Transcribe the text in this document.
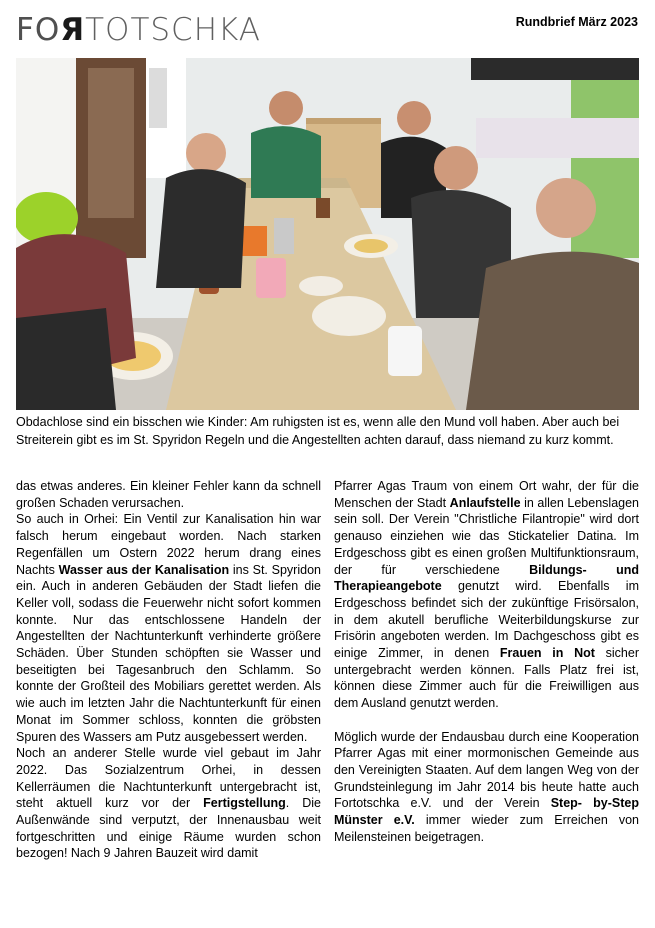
FOЯTOTSCHKA	Rundbrief März 2023
Obdachlose sind ein bisschen wie Kinder: Am ruhigsten ist es, wenn alle den Mund voll haben. Aber auch bei Streiterein gibt es im St. Spyridon Regeln und die Angestellten achten darauf, dass niemand zu kurz kommt.

das etwas anderes. Ein kleiner Fehler kann da schnell großen Schaden verursachen.

So auch in Orhei: Ein Ventil zur Kanalisation hin war falsch herum eingebaut worden. Nach starken Regenfällen um Ostern 2022 herum drang eines Nachts Wasser aus der Kanalisation ins St. Spyridon ein. Auch in anderen Gebäuden der Stadt liefen die Keller voll, sodass die Feuerwehr nicht sofort kommen konnte. Nur das entschlossene Handeln der Angestellten der Nachtunterkunft verhinderte größere Schäden. Über Stunden schöpften sie Wasser und beseitigten bei Tagesanbruch den Schlamm. So konnte der Großteil des Mobiliars gerettet werden. Als wie auch im letzten Jahr die Nachtunterkunft für einen Monat im Sommer schloss, konnten die gröbsten Spuren des Wassers am Putz ausgebessert werden.

Noch an anderer Stelle wurde viel gebaut im Jahr 2022. Das Sozialzentrum Orhei, in dessen Kellerräumen die Nachtunterkunft untergebracht ist, steht aktuell kurz vor der Fertigstellung. Die Außenwände sind verputzt, der Innenausbau weit fortgeschritten und einige Räume wurden schon bezogen! Nach 9 Jahren Bauzeit wird damit

Pfarrer Agas Traum von einem Ort wahr, der für die Menschen der Stadt Anlaufstelle in allen Lebenslagen sein soll. Der Verein "Christliche Filantropie" wird dort genauso einziehen wie das Stickatelier Datina. Im Erdgeschoss gibt es einen großen Multifunktionsraum, der für verschiedene Bildungs- und Therapieangebote genutzt wird. Ebenfalls im Erdgeschoss befindet sich der zukünftige Frisörsalon, in dem akutell berufliche Weiterbildungskurse zur Frisörin angeboten werden. Im Dachgeschoss gibt es einige Zimmer, in denen Frauen in Not sicher untergebracht werden können. Falls Platz frei ist, können diese Zimmer auch für die Freiwilligen aus dem Ausland genutzt werden.

Möglich wurde der Endausbau durch eine Kooperation Pfarrer Agas mit einer mormonischen Gemeinde aus den Vereinigten Staaten. Auf dem langen Weg von der Grundsteinlegung im Jahr 2014 bis heute hatte auch Fortotschka e.V. und der Verein Step- by-Step Münster e.V. immer wieder zum Erreichen von Meilensteinen beigetragen.
